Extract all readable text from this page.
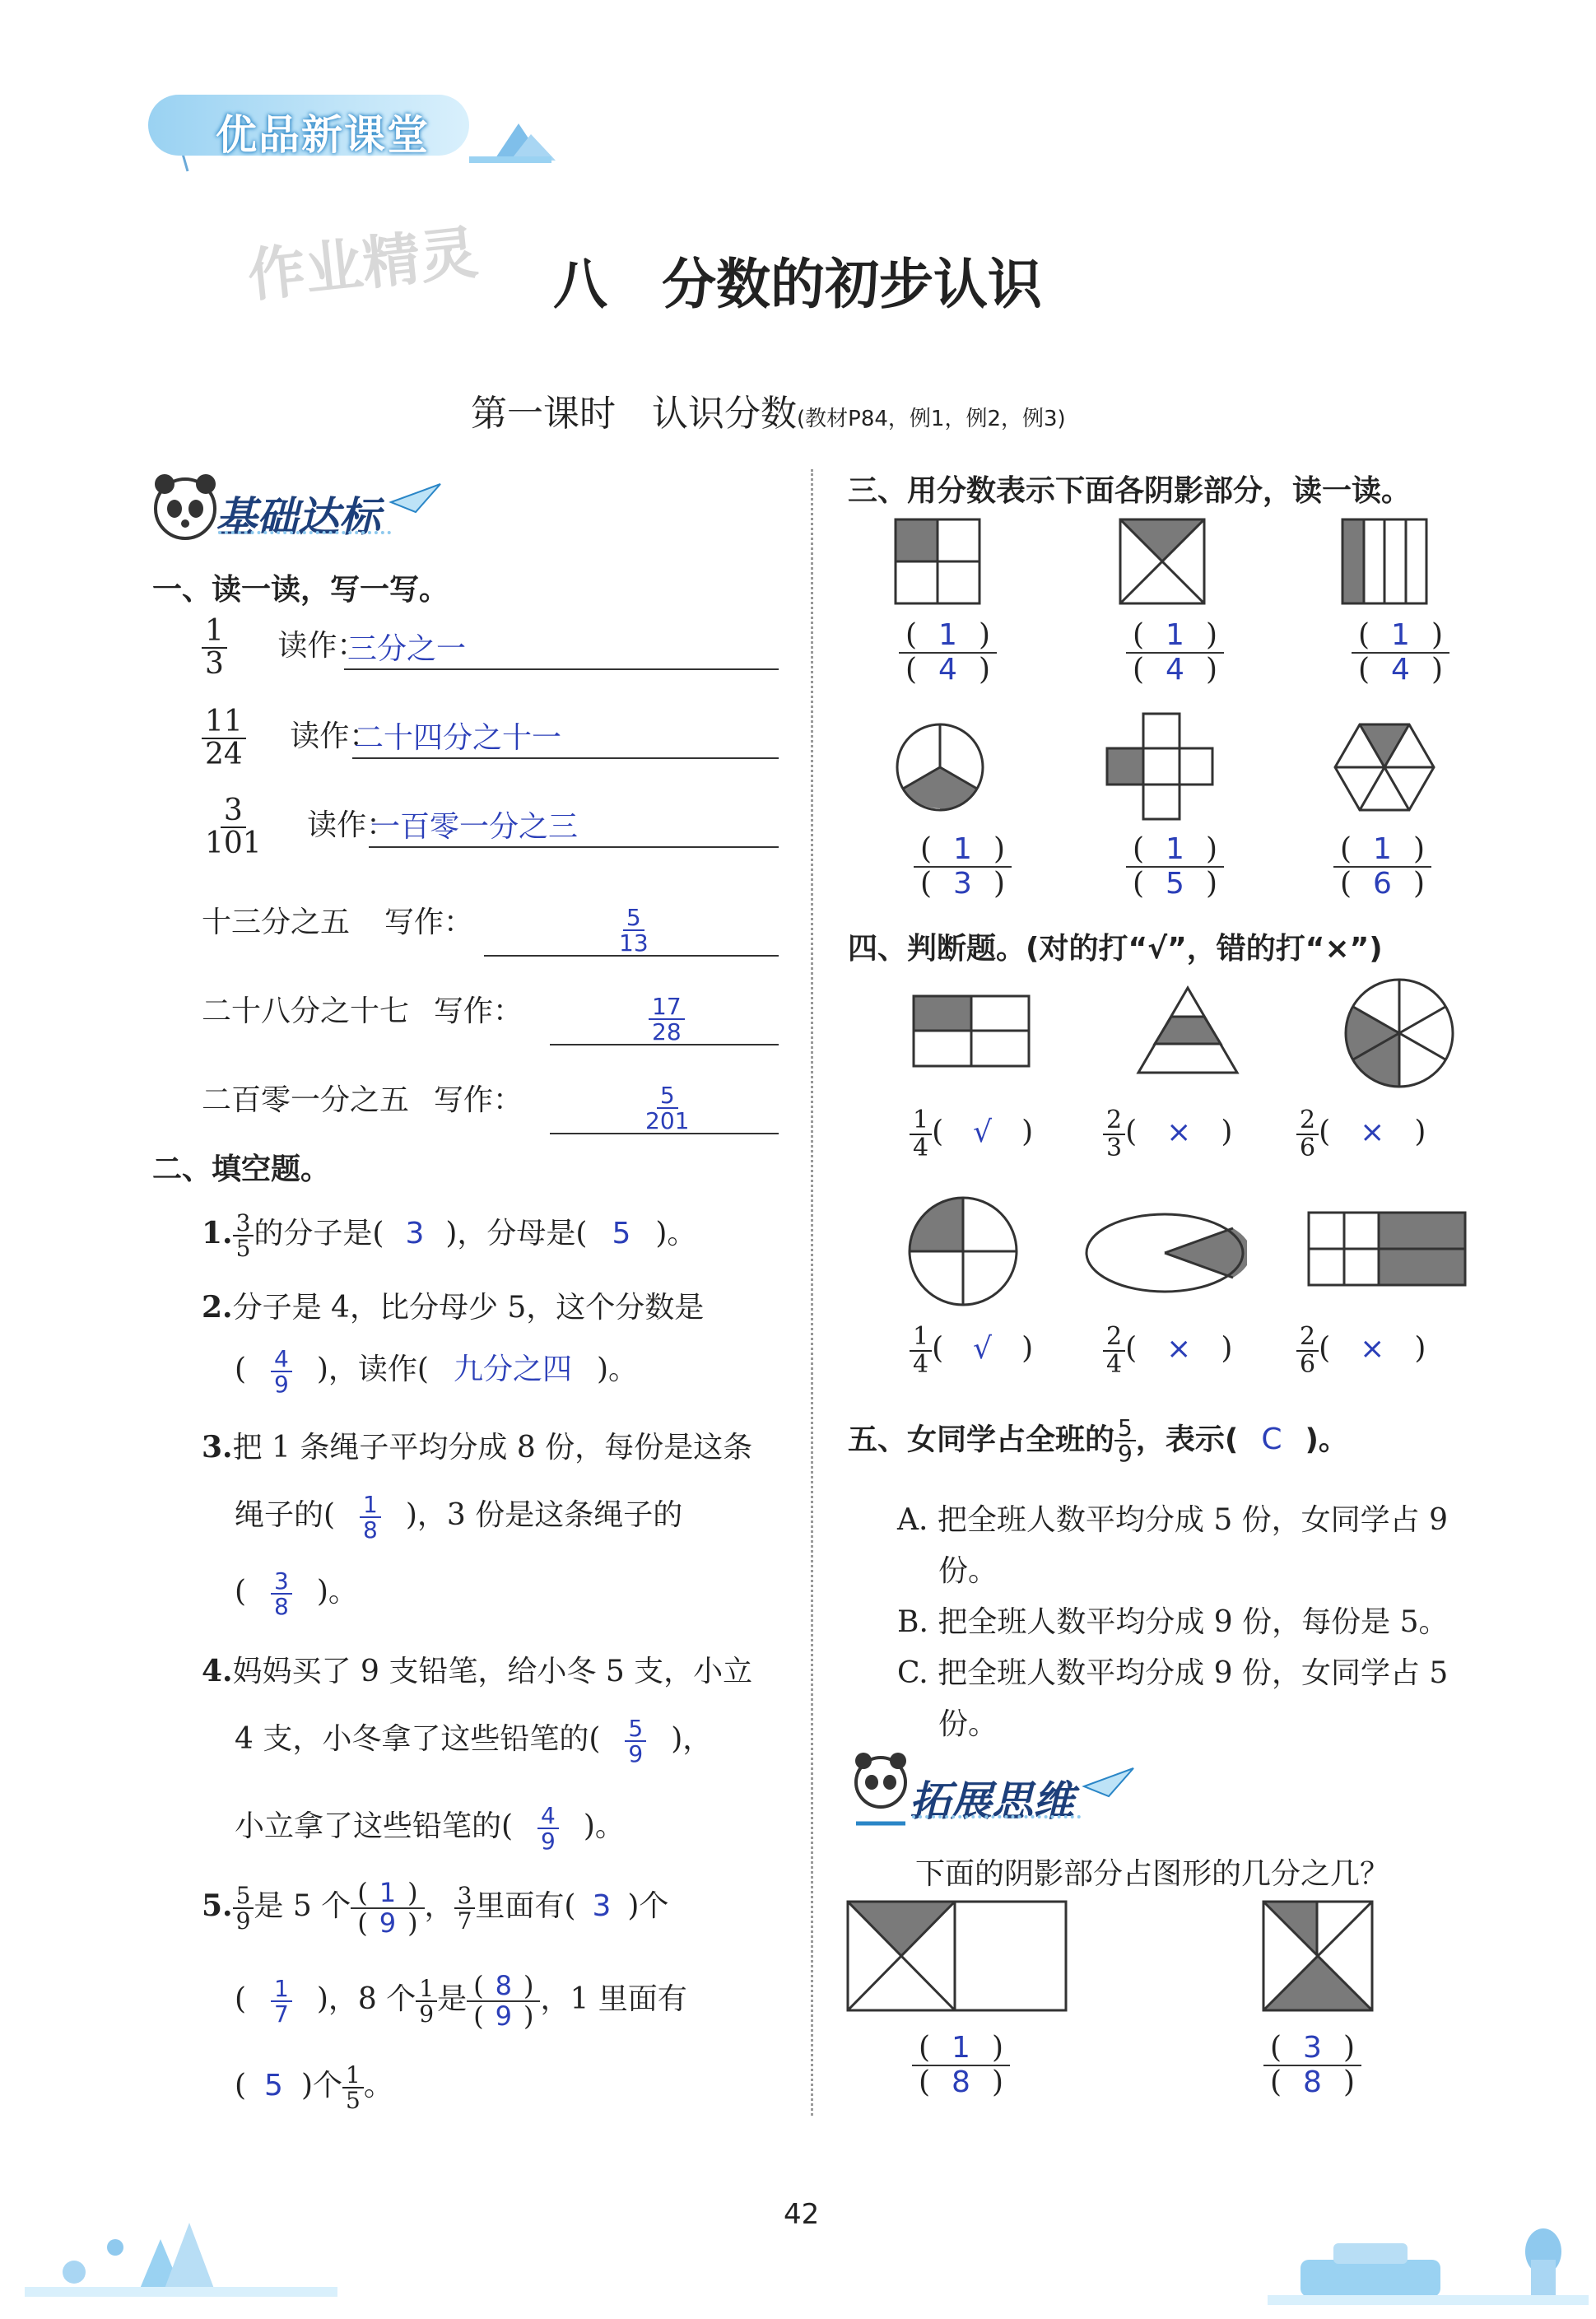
优品新课堂
作业精灵 八　分数的初步认识
第一课时　认识分数(教材P84，例1，例2，例3)
基础达标
一、读一读，写一写。
$\frac{1}{3}$ 读作：
三分之一
$\frac{11}{24}$ 读作：
二十四分之十一
$\frac{3}{101}$ 读作：
一百零一分之三
十三分之五 写作：	$\frac{5}{13}$
二十八分之十七 写作：	$\frac{17}{28}$
二百零一分之五 写作：	$\frac{5}{201}$
二、填空题。
1. $\frac{3}{5}$ 的分子是( 3 )，分母是( 5 )。
2.分子是 4，比分母少 5，这个分数是
( $\frac{4}{9}$ )，读作( 九分之四 )。
3.把 1 条绳子平均分成 8 份，每份是这条
绳子的( $\frac{1}{8}$ )，3 份是这条绳子的
( $\frac{3}{8}$ )。
4.妈妈买了 9 支铅笔，给小冬 5 支，小立
4 支，小冬拿了这些铅笔的( $\frac{5}{9}$ )，
小立拿了这些铅笔的( $\frac{4}{9}$ )。
5. $\frac{5}{9}$ 是 5 个 $\frac{( 1 )}{( 9 )}$ ， $\frac{3}{7}$ 里面有( 3 )个
( $\frac{1}{7}$ )，8 个 $\frac{1}{9}$ 是 $\frac{( 8 )}{( 9 )}$ ，1 里面有
( 5 )个 $\frac{1}{5}$ 。
三、用分数表示下面各阴影部分，读一读。
$\frac{( 1 )}{( 4 )}$	$\frac{( 1 )}{( 4 )}$	$\frac{( 1 )}{( 4 )}$
$\frac{( 1 )}{( 3 )}$	$\frac{( 1 )}{( 5 )}$	$\frac{( 1 )}{( 6 )}$
四、判断题。(对的打“√”，错的打“×”)
$\frac{1}{4}$ ( √ )	$\frac{2}{3}$ ( × )	$\frac{2}{6}$ ( × )
$\frac{1}{4}$ ( √ )	$\frac{2}{4}$ ( × )	$\frac{2}{6}$ ( × )
五、女同学占全班的 $\frac{5}{9}$ ，表示( C )。
A. 把全班人数平均分成 5 份，女同学占 9
份。
B. 把全班人数平均分成 9 份，每份是 5。
C. 把全班人数平均分成 9 份，女同学占 5
份。
拓展思维
下面的阴影部分占图形的几分之几？
$\frac{( 1 )}{( 8 )}$	$\frac{( 3 )}{( 8 )}$
42
